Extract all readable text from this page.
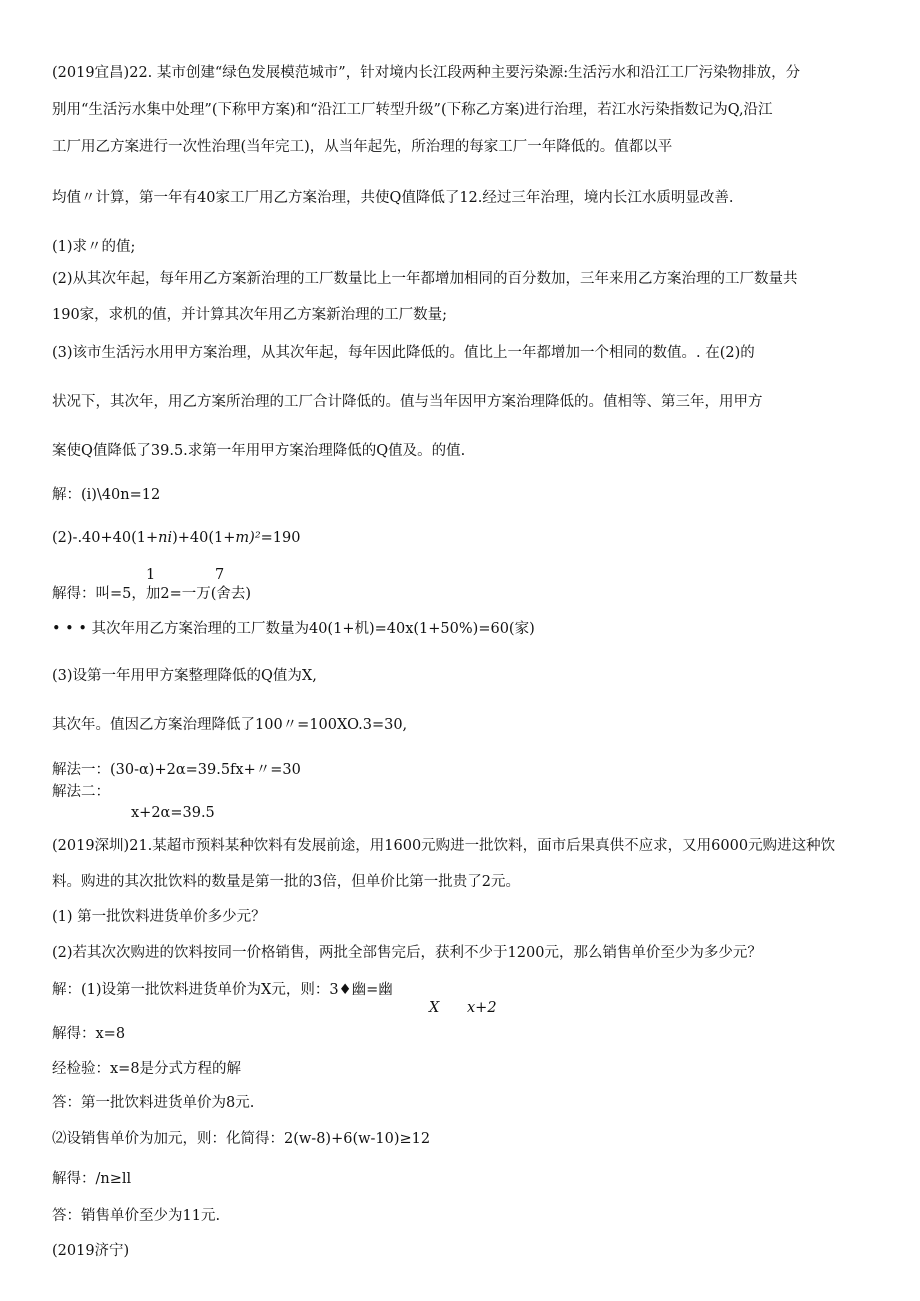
(2019宜昌)22. 某市创建“绿色发展模范城市”，针对境内长江段两种主要污染源:生活污水和沿江工厂污染物排放，分
别用“生活污水集中处理”(下称甲方案)和“沿江工厂转型升级”(下称乙方案)进行治理，若江水污染指数记为Q,沿江
工厂用乙方案进行一次性治理(当年完工)，从当年起先，所治理的每家工厂一年降低的。值都以平
均值〃计算，第一年有40家工厂用乙方案治理，共使Q值降低了12.经过三年治理，境内长江水质明显改善.
(1)求〃的值;
(2)从其次年起，每年用乙方案新治理的工厂数量比上一年都增加相同的百分数加，三年来用乙方案治理的工厂数量共
190家，求机的值，并计算其次年用乙方案新治理的工厂数量;
(3)该市生活污水用甲方案治理，从其次年起，每年因此降低的。值比上一年都增加一个相同的数值。. 在(2)的
状况下，其次年，用乙方案所治理的工厂合计降低的。值与当年因甲方案治理降低的。值相等、第三年，用甲方
案使Q值降低了39.5.求第一年用甲方案治理降低的Q值及。的值.
解：(i)\40n=12
(2)-.40+40(1+ni)+40(1+m)²=190
1	7
解得：叫=5，加2=一万(舍去)
• • • 其次年用乙方案治理的工厂数量为40(1+机)=40x(1+50%)=60(家)
(3)设第一年用甲方案整理降低的Q值为X,
其次年。值因乙方案治理降低了100〃=100XO.3=30,
解法一：(30-α)+2α=39.5fx+〃=30
解法二：
x+2α=39.5
(2019深圳)21.某超市预料某种饮料有发展前途，用1600元购进一批饮料，面市后果真供不应求，又用6000元购进这种饮
料。购进的其次批饮料的数量是第一批的3倍，但单价比第一批贵了2元。
(1) 第一批饮料进货单价多少元？
(2)若其次次购进的饮料按同一价格销售，两批全部售完后，获利不少于1200元，那么销售单价至少为多少元？
解：(1)设第一批饮料进货单价为X元，则：3♦幽=幽
X x+2
解得：x=8
经检验：x=8是分式方程的解
答：第一批饮料进货单价为8元.
⑵设销售单价为加元，则：化简得：2(w-8)+6(w-10)≥12
解得：/n≥ll
答：销售单价至少为11元.
(2019济宁)
